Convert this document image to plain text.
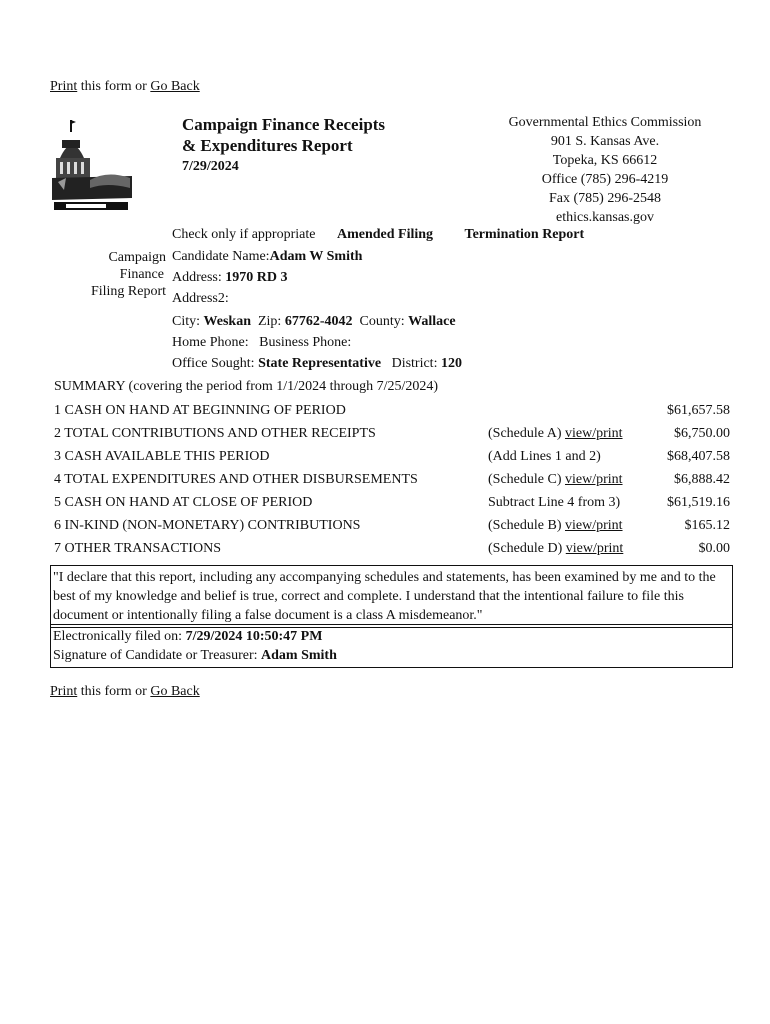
Print this form or Go Back
Campaign Finance Receipts
& Expenditures Report
7/29/2024
Governmental Ethics Commission
901 S. Kansas Ave.
Topeka, KS 66612
Office (785) 296-4219
Fax (785) 296-2548
ethics.kansas.gov
Check only if appropriate Amended Filing Termination Report
Campaign
Finance
Filing Report
Candidate Name:Adam W Smith
Address: 1970 RD 3
Address2:
City: Weskan Zip: 67762-4042 County: Wallace
Home Phone: Business Phone:
Office Sought: State Representative District: 120
SUMMARY (covering the period from 1/1/2024 through 7/25/2024)
1 CASH ON HAND AT BEGINNING OF PERIOD	$61,657.58
2 TOTAL CONTRIBUTIONS AND OTHER RECEIPTS	(Schedule A) view/print	$6,750.00
3 CASH AVAILABLE THIS PERIOD	(Add Lines 1 and 2)	$68,407.58
4 TOTAL EXPENDITURES AND OTHER DISBURSEMENTS	(Schedule C) view/print	$6,888.42
5 CASH ON HAND AT CLOSE OF PERIOD	Subtract Line 4 from 3)	$61,519.16
6 IN-KIND (NON-MONETARY) CONTRIBUTIONS	(Schedule B) view/print	$165.12
7 OTHER TRANSACTIONS	(Schedule D) view/print	$0.00
"I declare that this report, including any accompanying schedules and statements, has been examined by me and to the best of my knowledge and belief is true, correct and complete. I understand that the intentional failure to file this document or intentionally filing a false document is a class A misdemeanor."
Electronically filed on: 7/29/2024 10:50:47 PM
Signature of Candidate or Treasurer: Adam Smith
Print this form or Go Back
